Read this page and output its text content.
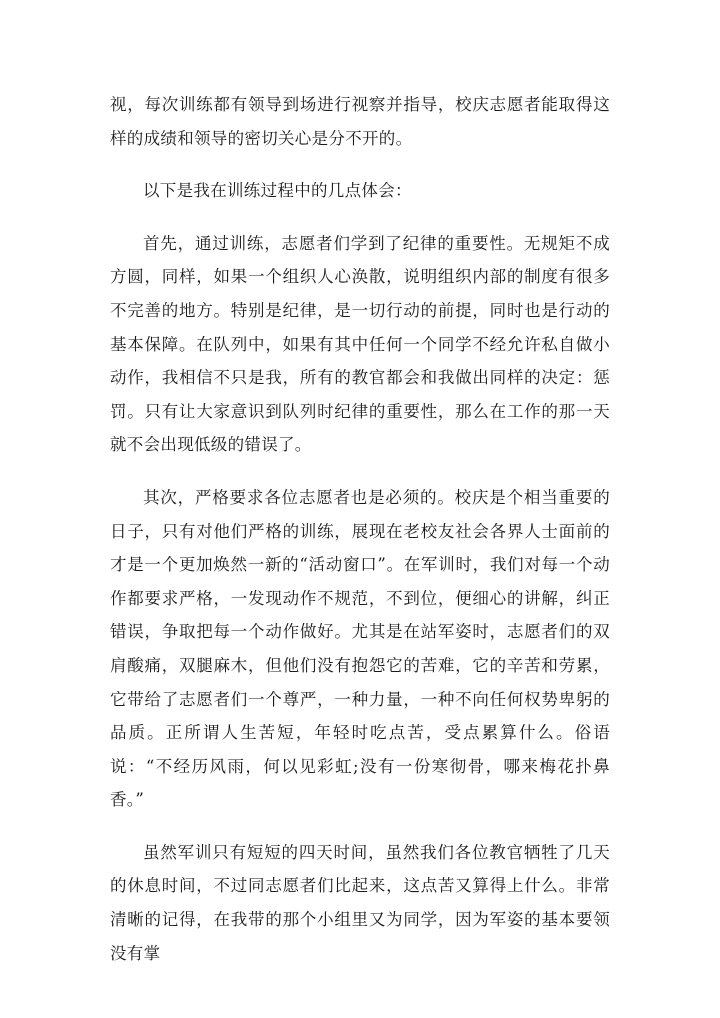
视，每次训练都有领导到场进行视察并指导，校庆志愿者能取得这样的成绩和领导的密切关心是分不开的。

以下是我在训练过程中的几点体会：

首先，通过训练，志愿者们学到了纪律的重要性。无规矩不成方圆，同样，如果一个组织人心涣散，说明组织内部的制度有很多不完善的地方。特别是纪律，是一切行动的前提，同时也是行动的基本保障。在队列中，如果有其中任何一个同学不经允许私自做小动作，我相信不只是我，所有的教官都会和我做出同样的决定：惩罚。只有让大家意识到队列时纪律的重要性，那么在工作的那一天就不会出现低级的错误了。

其次，严格要求各位志愿者也是必须的。校庆是个相当重要的日子，只有对他们严格的训练，展现在老校友社会各界人士面前的才是一个更加焕然一新的“活动窗口”。在军训时，我们对每一个动作都要求严格，一发现动作不规范，不到位，便细心的讲解，纠正错误，争取把每一个动作做好。尤其是在站军姿时，志愿者们的双肩酸痛，双腿麻木，但他们没有抱怨它的苦难，它的辛苦和劳累，它带给了志愿者们一个尊严，一种力量，一种不向任何权势卑躬的品质。正所谓人生苦短，年轻时吃点苦，受点累算什么。俗语说：“不经历风雨，何以见彩虹;没有一份寒彻骨，哪来梅花扑鼻香。”

虽然军训只有短短的四天时间，虽然我们各位教官牺牲了几天的休息时间，不过同志愿者们比起来，这点苦又算得上什么。非常清晰的记得，在我带的那个小组里又为同学，因为军姿的基本要领没有掌
